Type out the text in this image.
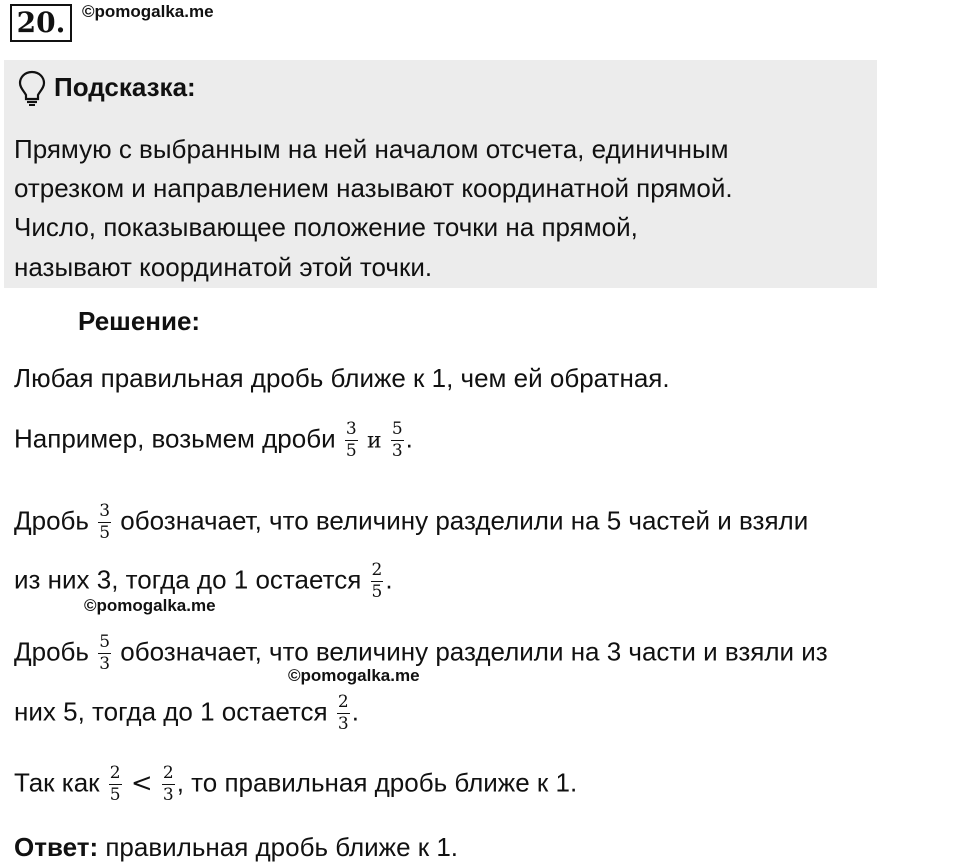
20. ©pomogalka.me
Подсказка:
Прямую с выбранным на ней началом отсчета, единичным
отрезком и направлением называют координатной прямой.
Число, показывающее положение точки на прямой,
называют координатой этой точки.
Решение:
Любая правильная дробь ближе к 1, чем ей обратная.
Например, возьмем дроби $\frac{3}{5}$ и $\frac{5}{3}$ .
Дробь $\frac{3}{5}$ обозначает, что величину разделили на 5 частей и взяли
из них 3, тогда до 1 остается $\frac{2}{5}$ .
©pomogalka.me
Дробь $\frac{5}{3}$ обозначает, что величину разделили на 3 части и взяли из
©pomogalka.me
них 5, тогда до 1 остается $\frac{2}{3}$ .
Так как $\frac{2}{5} < \frac{2}{3}$ , то правильная дробь ближе к 1.
Ответ: правильная дробь ближе к 1.
